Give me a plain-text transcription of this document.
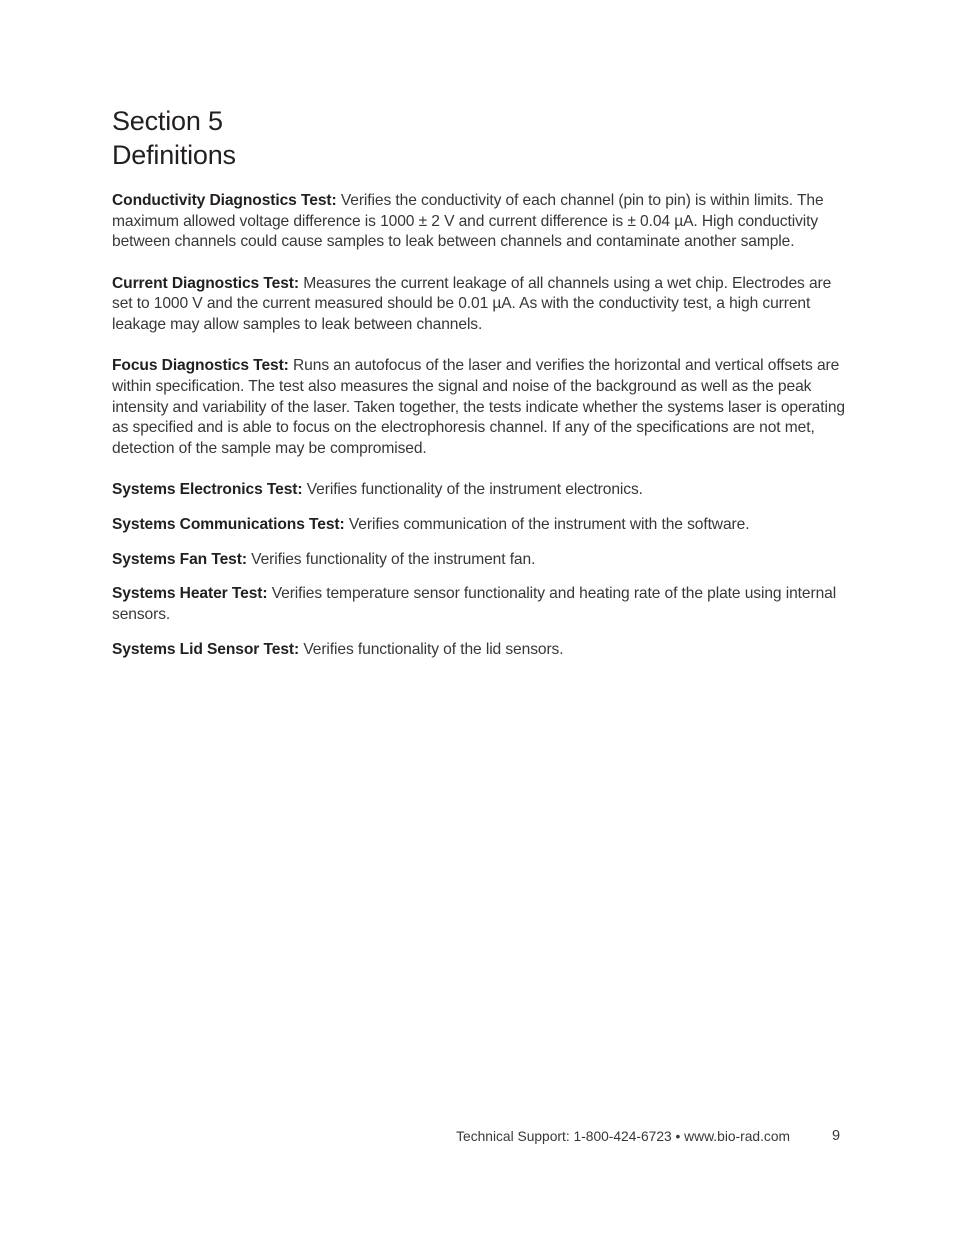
Section 5
Definitions

Conductivity Diagnostics Test: Verifies the conductivity of each channel (pin to pin) is within limits. The maximum allowed voltage difference is 1000 ± 2 V and current difference is ± 0.04 µA. High conductivity between channels could cause samples to leak between channels and contaminate another sample.

Current Diagnostics Test: Measures the current leakage of all channels using a wet chip. Electrodes are set to 1000 V and the current measured should be 0.01 µA. As with the conductivity test, a high current leakage may allow samples to leak between channels.

Focus Diagnostics Test: Runs an autofocus of the laser and verifies the horizontal and vertical offsets are within specification. The test also measures the signal and noise of the background as well as the peak intensity and variability of the laser. Taken together, the tests indicate whether the systems laser is operating as specified and is able to focus on the electrophoresis channel. If any of the specifications are not met, detection of the sample may be compromised.

Systems Electronics Test: Verifies functionality of the instrument electronics.

Systems Communications Test: Verifies communication of the instrument with the software.

Systems Fan Test: Verifies functionality of the instrument fan.

Systems Heater Test: Verifies temperature sensor functionality and heating rate of the plate using internal sensors.

Systems Lid Sensor Test: Verifies functionality of the lid sensors.

Technical Support: 1-800-424-6723 • www.bio-rad.com	9
